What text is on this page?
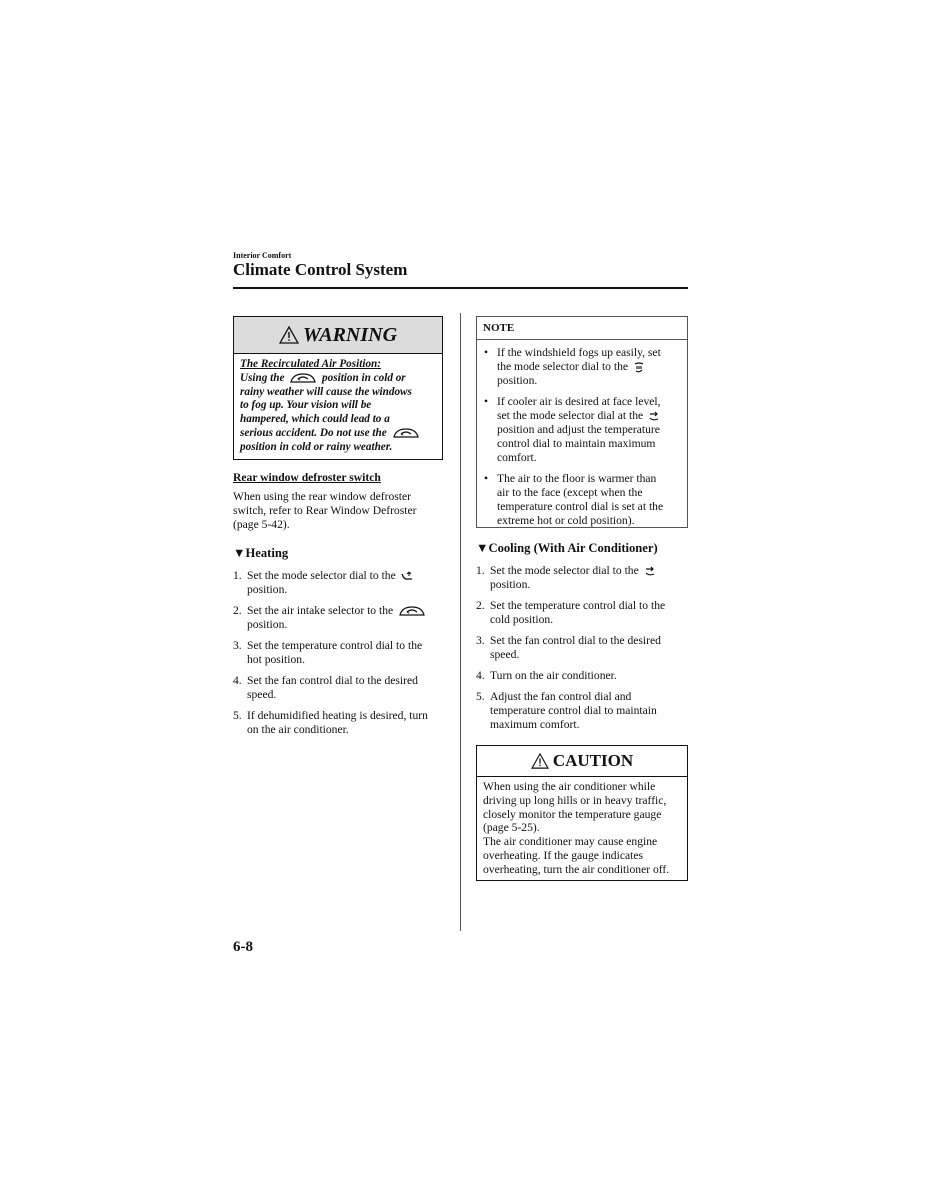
Interior Comfort
Climate Control System
WARNING
The Recirculated Air Position:
Using the	position in cold or
rainy weather will cause the windows
to fog up. Your vision will be
hampered, which could lead to a
serious accident. Do not use the
position in cold or rainy weather.
Rear window defroster switch
When using the rear window defroster
switch, refer to Rear Window Defroster
(page 5-42).
▼Heating
1. Set the mode selector dial to the
position.
2. Set the air intake selector to the
position.
3. Set the temperature control dial to the
hot position.
4. Set the fan control dial to the desired
speed.
5. If dehumidified heating is desired, turn
on the air conditioner.
NOTE
• If the windshield fogs up easily, set
the mode selector dial to the
position.
• If cooler air is desired at face level,
set the mode selector dial at the
position and adjust the temperature
control dial to maintain maximum
comfort.
• The air to the floor is warmer than
air to the face (except when the
temperature control dial is set at the
extreme hot or cold position).
▼Cooling (With Air Conditioner)
1. Set the mode selector dial to the
position.
2. Set the temperature control dial to the
cold position.
3. Set the fan control dial to the desired
speed.
4. Turn on the air conditioner.
5. Adjust the fan control dial and
temperature control dial to maintain
maximum comfort.
CAUTION
When using the air conditioner while
driving up long hills or in heavy traffic,
closely monitor the temperature gauge
(page 5-25).
The air conditioner may cause engine
overheating. If the gauge indicates
overheating, turn the air conditioner off.
6-8
